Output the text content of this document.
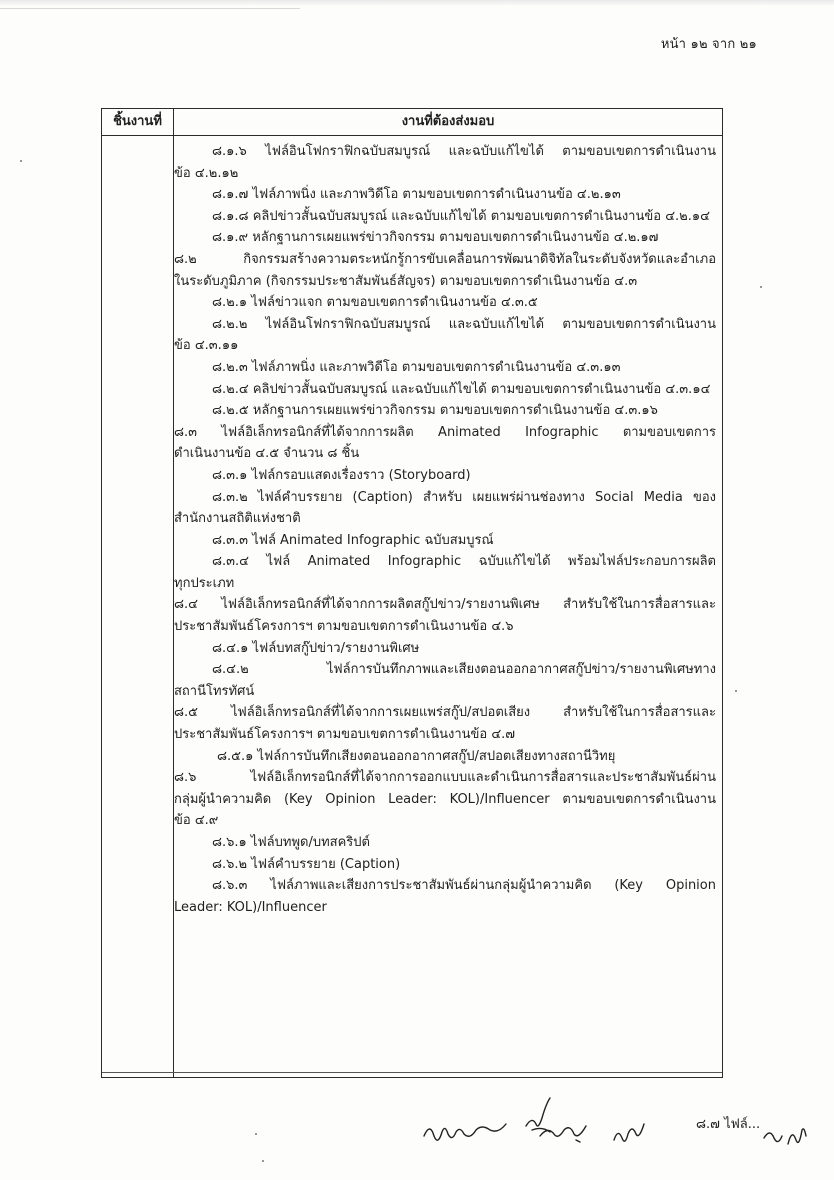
หน้า ๑๒ จาก ๒๑
ชิ้นงานที่	งานที่ต้องส่งมอบ
๘.๑.๖ ไฟล์อินโฟกราฟิกฉบับสมบูรณ์ และฉบับแก้ไขได้ ตามขอบเขตการดำเนินงาน
ข้อ ๔.๒.๑๒
๘.๑.๗ ไฟล์ภาพนิ่ง และภาพวิดีโอ ตามขอบเขตการดำเนินงานข้อ ๔.๒.๑๓
๘.๑.๘ คลิปข่าวสั้นฉบับสมบูรณ์ และฉบับแก้ไขได้ ตามขอบเขตการดำเนินงานข้อ ๔.๒.๑๔
๘.๑.๙ หลักฐานการเผยแพร่ข่าวกิจกรรม ตามขอบเขตการดำเนินงานข้อ ๔.๒.๑๗
๘.๒ กิจกรรมสร้างความตระหนักรู้การขับเคลื่อนการพัฒนาดิจิทัลในระดับจังหวัดและอำเภอ
ในระดับภูมิภาค (กิจกรรมประชาสัมพันธ์สัญจร) ตามขอบเขตการดำเนินงานข้อ ๔.๓
๘.๒.๑ ไฟล์ข่าวแจก ตามขอบเขตการดำเนินงานข้อ ๔.๓.๕
๘.๒.๒ ไฟล์อินโฟกราฟิกฉบับสมบูรณ์ และฉบับแก้ไขได้ ตามขอบเขตการดำเนินงาน
ข้อ ๔.๓.๑๑
๘.๒.๓ ไฟล์ภาพนิ่ง และภาพวิดีโอ ตามขอบเขตการดำเนินงานข้อ ๔.๓.๑๓
๘.๒.๔ คลิปข่าวสั้นฉบับสมบูรณ์ และฉบับแก้ไขได้ ตามขอบเขตการดำเนินงานข้อ ๔.๓.๑๔
๘.๒.๕ หลักฐานการเผยแพร่ข่าวกิจกรรม ตามขอบเขตการดำเนินงานข้อ ๔.๓.๑๖
๘.๓ ไฟล์อิเล็กทรอนิกส์ที่ได้จากการผลิต Animated Infographic ตามขอบเขตการ
ดำเนินงานข้อ ๔.๕ จำนวน ๘ ชิ้น
๘.๓.๑ ไฟล์กรอบแสดงเรื่องราว (Storyboard)
๘.๓.๒ ไฟล์คำบรรยาย (Caption) สำหรับ เผยแพร่ผ่านช่องทาง Social Media ของ
สำนักงานสถิติแห่งชาติ
๘.๓.๓ ไฟล์ Animated Infographic ฉบับสมบูรณ์
๘.๓.๔ ไฟล์ Animated Infographic ฉบับแก้ไขได้ พร้อมไฟล์ประกอบการผลิต
ทุกประเภท
๘.๔ ไฟล์อิเล็กทรอนิกส์ที่ได้จากการผลิตสกู๊ปข่าว/รายงานพิเศษ สำหรับใช้ในการสื่อสารและ
ประชาสัมพันธ์โครงการฯ ตามขอบเขตการดำเนินงานข้อ ๔.๖
๘.๔.๑ ไฟล์บทสกู๊ปข่าว/รายงานพิเศษ
๘.๔.๒ ไฟล์การบันทึกภาพและเสียงตอนออกอากาศสกู๊ปข่าว/รายงานพิเศษทาง
สถานีโทรทัศน์
๘.๕ ไฟล์อิเล็กทรอนิกส์ที่ได้จากการเผยแพร่สกู๊ป/สปอตเสียง สำหรับใช้ในการสื่อสารและ
ประชาสัมพันธ์โครงการฯ ตามขอบเขตการดำเนินงานข้อ ๔.๗
๘.๕.๑ ไฟล์การบันทึกเสียงตอนออกอากาศสกู๊ป/สปอตเสียงทางสถานีวิทยุ
๘.๖ ไฟล์อิเล็กทรอนิกส์ที่ได้จากการออกแบบและดำเนินการสื่อสารและประชาสัมพันธ์ผ่าน
กลุ่มผู้นำความคิด (Key Opinion Leader: KOL)/Influencer ตามขอบเขตการดำเนินงาน
ข้อ ๔.๙
๘.๖.๑ ไฟล์บทพูด/บทสคริปต์
๘.๖.๒ ไฟล์คำบรรยาย (Caption)
๘.๖.๓ ไฟล์ภาพและเสียงการประชาสัมพันธ์ผ่านกลุ่มผู้นำความคิด (Key Opinion
Leader: KOL)/Influencer
๘.๗ ไฟล์...
